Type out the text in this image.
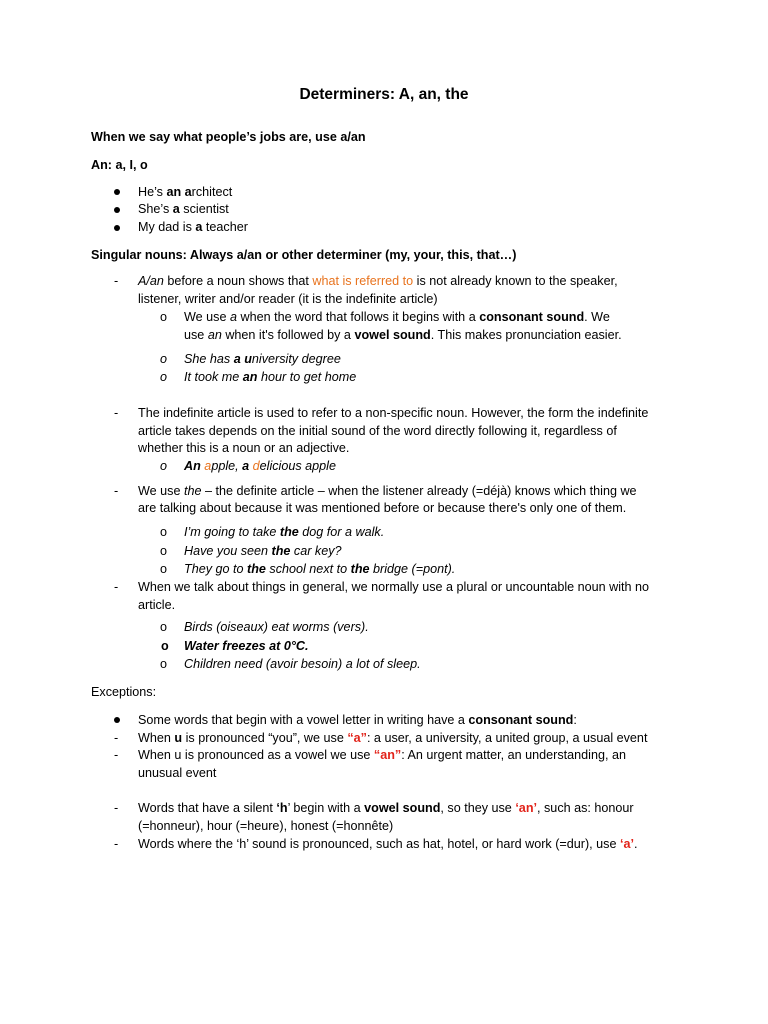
Determiners: A, an, the
When we say what people’s jobs are, use a/an
An: a, I, o
He’s an architect
She’s a scientist
My dad is a teacher
Singular nouns: Always a/an or other determiner (my, your, this, that…)
- A/an before a noun shows that what is referred to is not already known to the speaker,
listener, writer and/or reader (it is the indefinite article)
o We use a when the word that follows it begins with a consonant sound. We
use an when it's followed by a vowel sound. This makes pronunciation easier.
o She has a university degree
o It took me an hour to get home
- The indefinite article is used to refer to a non-specific noun. However, the form the indefinite
article takes depends on the initial sound of the word directly following it, regardless of
whether this is a noun or an adjective.
o An apple, a delicious apple
- We use the – the definite article – when the listener already (=déjà) knows which thing we
are talking about because it was mentioned before or because there's only one of them.
o I’m going to take the dog for a walk.
o Have you seen the car key?
o They go to the school next to the bridge (=pont).
- When we talk about things in general, we normally use a plural or uncountable noun with no
article.
o Birds (oiseaux) eat worms (vers).
o Water freezes at 0°C.
o Children need (avoir besoin) a lot of sleep.
Exceptions:
Some words that begin with a vowel letter in writing have a consonant sound:
- When u is pronounced “you”, we use “a”: a user, a university, a united group, a usual event
- When u is pronounced as a vowel we use “an”: An urgent matter, an understanding, an
unusual event
- Words that have a silent ‘h’ begin with a vowel sound, so they use ‘an’, such as: honour
(=honneur), hour (=heure), honest (=honnête)
- Words where the ‘h’ sound is pronounced, such as hat, hotel, or hard work (=dur), use ‘a’.
